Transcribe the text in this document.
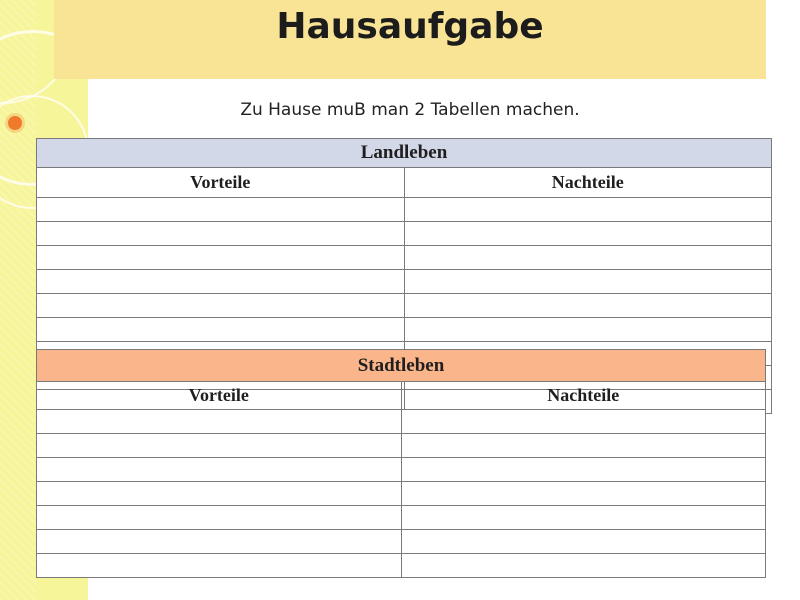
Hausaufgabe
Zu Hause muB man 2 Tabellen machen.
Landleben	
Vorteile	Nachteile

Stadtleben	
Vorteile	Nachteile
